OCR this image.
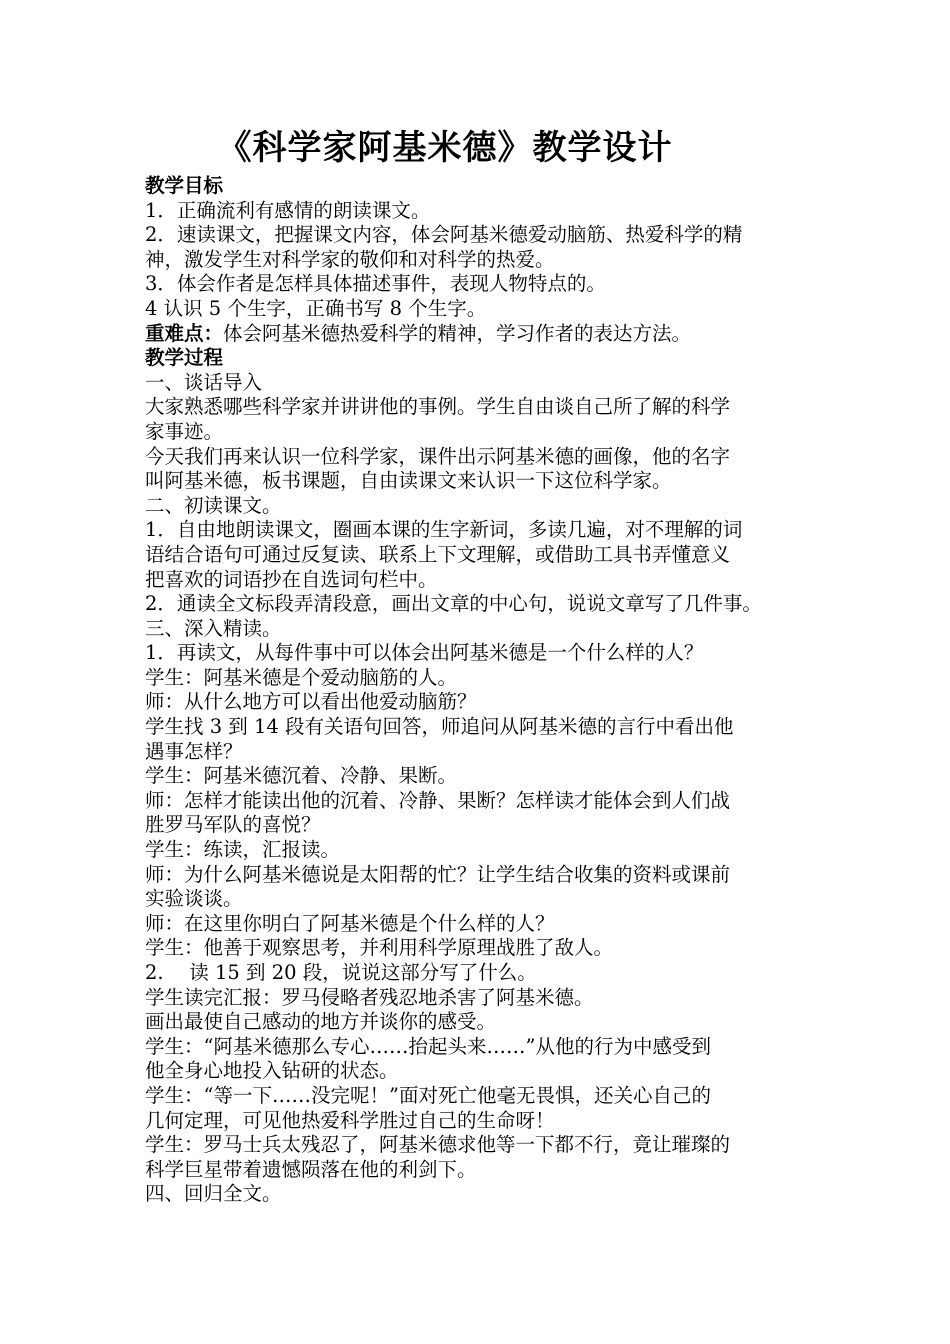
《科学家阿基米德》教学设计
教学目标
1．正确流利有感情的朗读课文。
2．速读课文，把握课文内容，体会阿基米德爱动脑筋、热爱科学的精
神，激发学生对科学家的敬仰和对科学的热爱。
3．体会作者是怎样具体描述事件，表现人物特点的。
4 认识 5 个生字，正确书写 8 个生字。
重难点：体会阿基米德热爱科学的精神，学习作者的表达方法。
教学过程
一、谈话导入
大家熟悉哪些科学家并讲讲他的事例。学生自由谈自己所了解的科学
家事迹。
今天我们再来认识一位科学家，课件出示阿基米德的画像，他的名字
叫阿基米德，板书课题，自由读课文来认识一下这位科学家。
二、初读课文。
1．自由地朗读课文，圈画本课的生字新词，多读几遍，对不理解的词
语结合语句可通过反复读、联系上下文理解，或借助工具书弄懂意义
把喜欢的词语抄在自选词句栏中。
2．通读全文标段弄清段意，画出文章的中心句，说说文章写了几件事。
三、深入精读。
1．再读文，从每件事中可以体会出阿基米德是一个什么样的人？
学生：阿基米德是个爱动脑筋的人。
师：从什么地方可以看出他爱动脑筋？
学生找 3 到 14 段有关语句回答，师追问从阿基米德的言行中看出他
遇事怎样？
学生：阿基米德沉着、冷静、果断。
师：怎样才能读出他的沉着、冷静、果断？怎样读才能体会到人们战
胜罗马军队的喜悦？
学生：练读，汇报读。
师：为什么阿基米德说是太阳帮的忙？让学生结合收集的资料或课前
实验谈谈。
师：在这里你明白了阿基米德是个什么样的人？
学生：他善于观察思考，并利用科学原理战胜了敌人。
2.　 读 15 到 20 段，说说这部分写了什么。
学生读完汇报：罗马侵略者残忍地杀害了阿基米德。
画出最使自己感动的地方并谈你的感受。
学生：“阿基米德那么专心……抬起头来……”从他的行为中感受到
他全身心地投入钻研的状态。
学生：“等一下……没完呢！”面对死亡他毫无畏惧，还关心自己的
几何定理，可见他热爱科学胜过自己的生命呀！
学生：罗马士兵太残忍了，阿基米德求他等一下都不行，竟让璀璨的
科学巨星带着遗憾陨落在他的利剑下。
四、回归全文。
